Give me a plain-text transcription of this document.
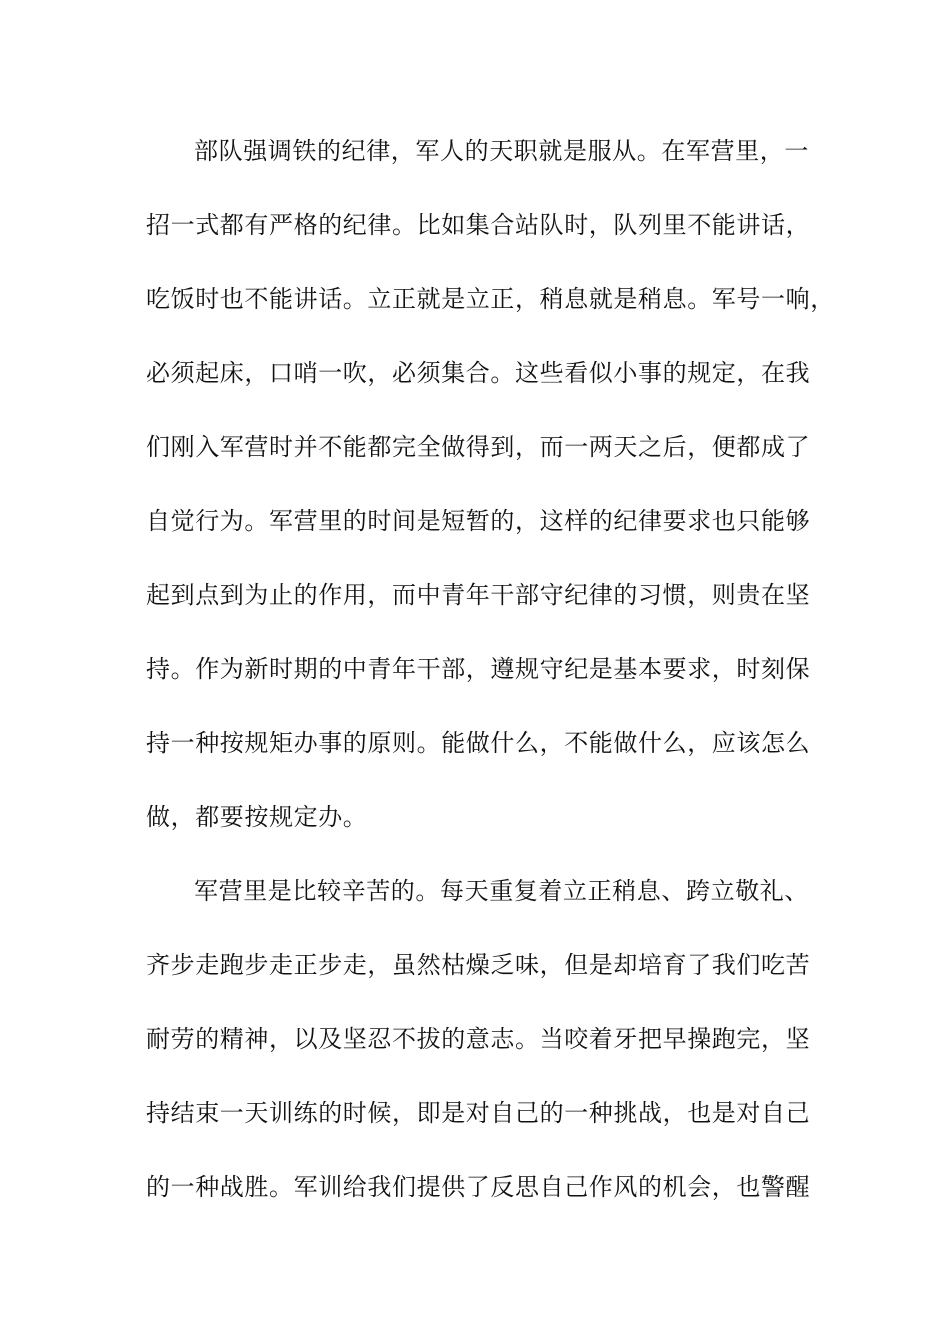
部队强调铁的纪律，军人的天职就是服从。在军营里，一
招一式都有严格的纪律。比如集合站队时，队列里不能讲话，
吃饭时也不能讲话。立正就是立正，稍息就是稍息。军号一响，
必须起床，口哨一吹，必须集合。这些看似小事的规定，在我
们刚入军营时并不能都完全做得到，而一两天之后，便都成了
自觉行为。军营里的时间是短暂的，这样的纪律要求也只能够
起到点到为止的作用，而中青年干部守纪律的习惯，则贵在坚
持。作为新时期的中青年干部，遵规守纪是基本要求，时刻保
持一种按规矩办事的原则。能做什么，不能做什么，应该怎么
做，都要按规定办。
军营里是比较辛苦的。每天重复着立正稍息、跨立敬礼、
齐步走跑步走正步走，虽然枯燥乏味，但是却培育了我们吃苦
耐劳的精神，以及坚忍不拔的意志。当咬着牙把早操跑完，坚
持结束一天训练的时候，即是对自己的一种挑战，也是对自己
的一种战胜。军训给我们提供了反思自己作风的机会，也警醒
